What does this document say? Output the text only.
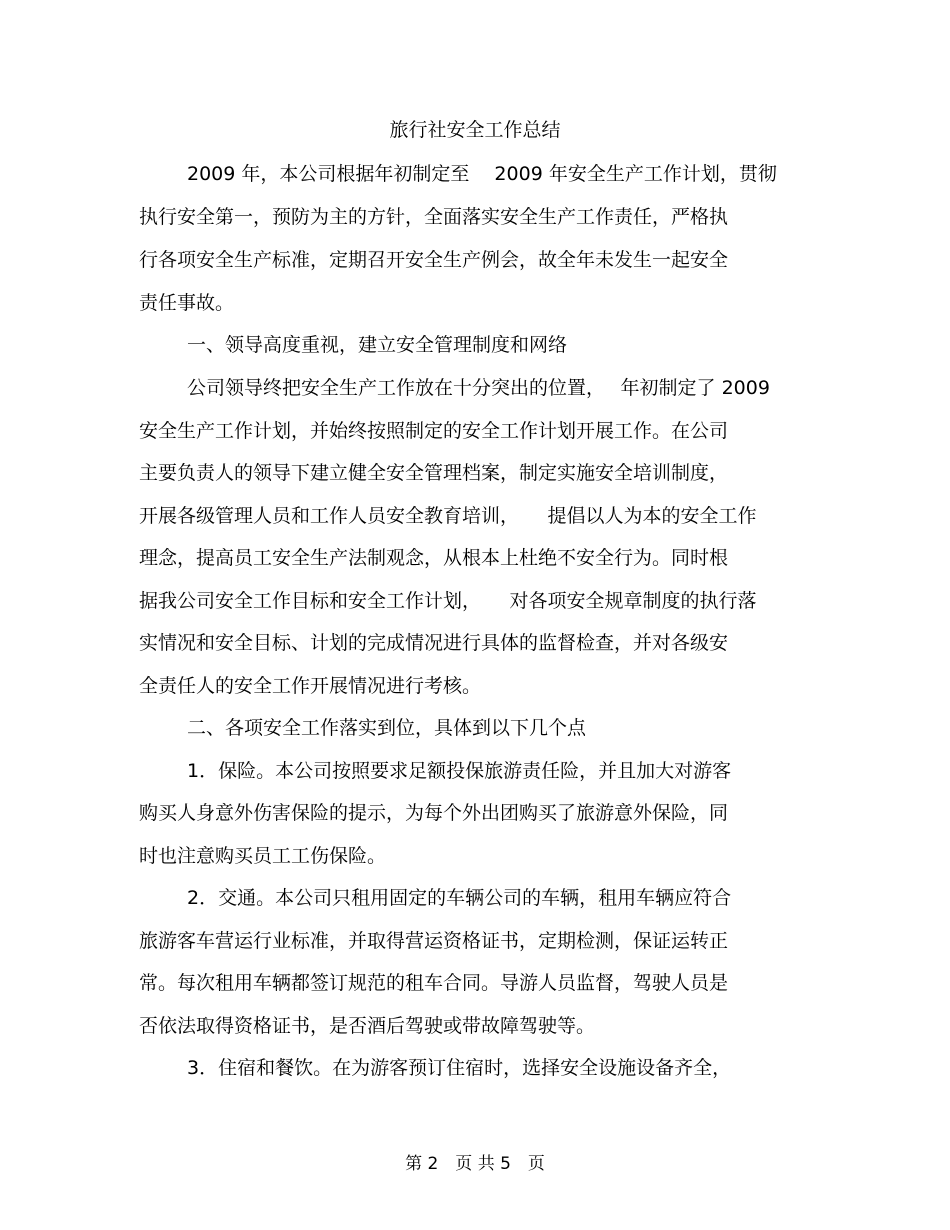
旅行社安全工作总结
2009 年，本公司根据年初制定至　 2009 年安全生产工作计划，贯彻
执行安全第一，预防为主的方针，全面落实安全生产工作责任，严格执
行各项安全生产标准，定期召开安全生产例会，故全年未发生一起安全
责任事故。
一、领导高度重视，建立安全管理制度和网络
公司领导终把安全生产工作放在十分突出的位置，　 年初制定了 2009
安全生产工作计划，并始终按照制定的安全工作计划开展工作。在公司
主要负责人的领导下建立健全安全管理档案，制定实施安全培训制度，
开展各级管理人员和工作人员安全教育培训，　　提倡以人为本的安全工作
理念，提高员工安全生产法制观念，从根本上杜绝不安全行为。同时根
据我公司安全工作目标和安全工作计划，　　对各项安全规章制度的执行落
实情况和安全目标、计划的完成情况进行具体的监督检查，并对各级安
全责任人的安全工作开展情况进行考核。
二、各项安全工作落实到位，具体到以下几个点
1．保险。本公司按照要求足额投保旅游责任险，并且加大对游客
购买人身意外伤害保险的提示，为每个外出团购买了旅游意外保险，同
时也注意购买员工工伤保险。
2．交通。本公司只租用固定的车辆公司的车辆，租用车辆应符合
旅游客车营运行业标准，并取得营运资格证书，定期检测，保证运转正
常。每次租用车辆都签订规范的租车合同。导游人员监督，驾驶人员是
否依法取得资格证书，是否酒后驾驶或带故障驾驶等。
3．住宿和餐饮。在为游客预订住宿时，选择安全设施设备齐全，
第 2　页 共 5　页
